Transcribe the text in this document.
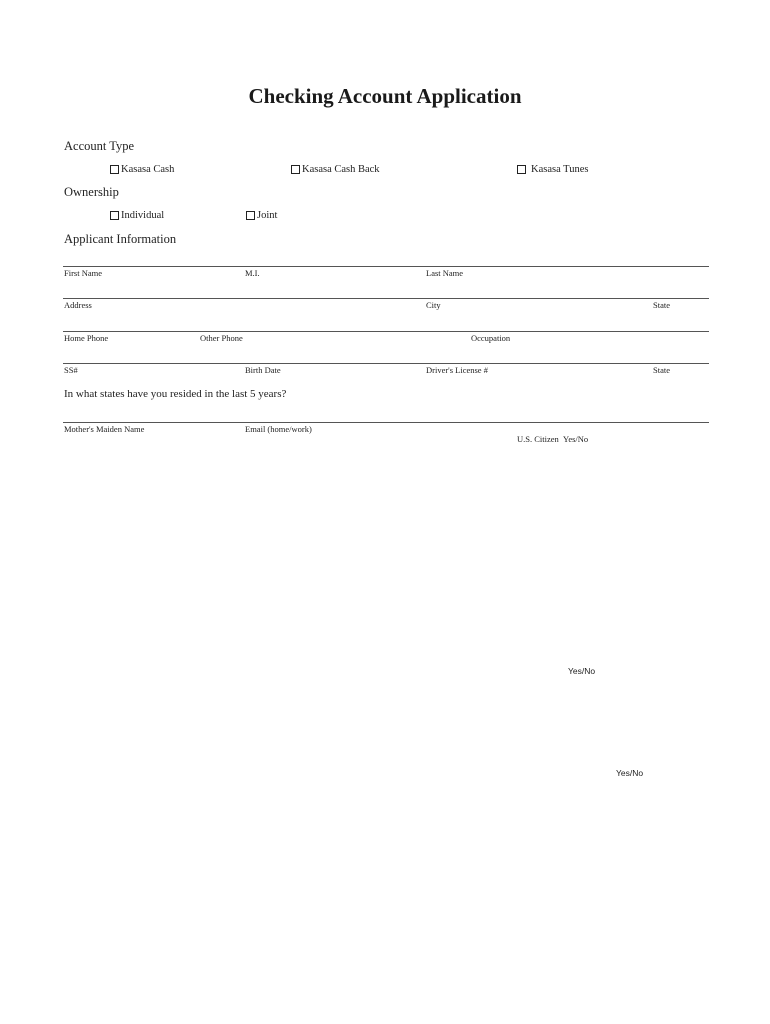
Checking Account Application
Account Type
Kasasa Cash	Kasasa Cash Back	Kasasa Tunes
Ownership
Individual	Joint
Applicant Information
First Name	M.I.	Last Name
Address	City	State
Home Phone	Other Phone	Occupation
SS#	Birth Date	Driver's License #	State
In what states have you resided in the last 5 years?
Mother's Maiden Name	Email (home/work)
U.S. Citizen Yes/No
Yes/No
Yes/No
